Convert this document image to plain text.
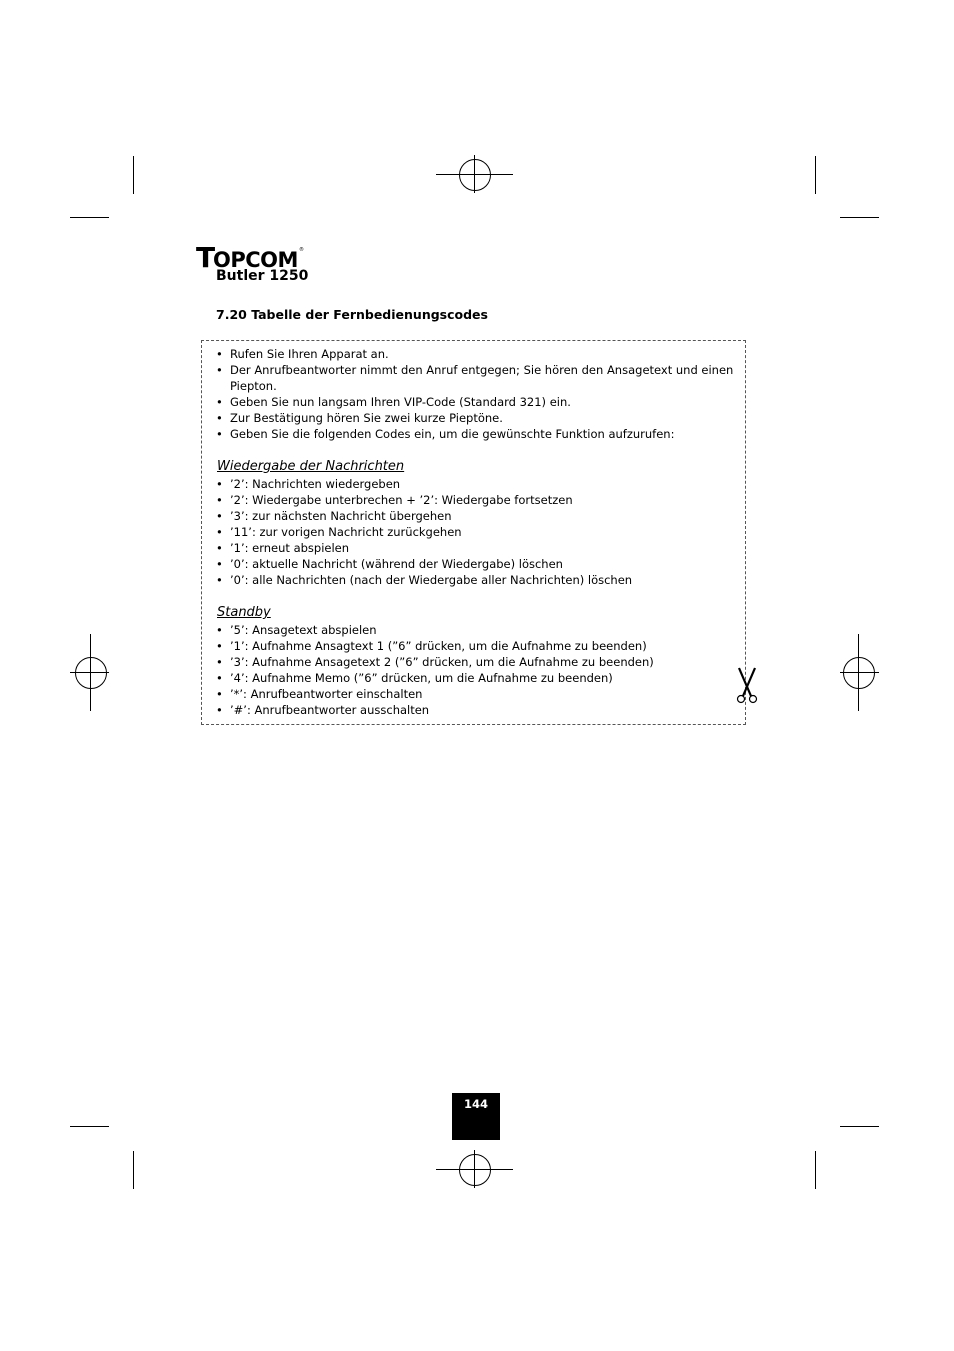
T
OPCOM ®
Butler 1250
7.20 Tabelle der Fernbedienungscodes
• Rufen Sie Ihren Apparat an.
• Der Anrufbeantworter nimmt den Anruf entgegen; Sie hören den Ansagetext und einen Piepton.
• Geben Sie nun langsam Ihren VIP-Code (Standard 321) ein.
• Zur Bestätigung hören Sie zwei kurze Pieptöne.
• Geben Sie die folgenden Codes ein, um die gewünschte Funktion aufzurufen:
Wiedergabe der Nachrichten
• ’2’: Nachrichten wiedergeben
• ’2’: Wiedergabe unterbrechen + ’2’: Wiedergabe fortsetzen
• ’3’: zur nächsten Nachricht übergehen
• ’11’: zur vorigen Nachricht zurückgehen
• ’1’: erneut abspielen
• ’0’: aktuelle Nachricht (während der Wiedergabe) löschen
• ’0’: alle Nachrichten (nach der Wiedergabe aller Nachrichten) löschen
Standby
• ’5’: Ansagetext abspielen
• ’1’: Aufnahme Ansagtext 1 (”6” drücken, um die Aufnahme zu beenden)
• ’3’: Aufnahme Ansagetext 2 (”6” drücken, um die Aufnahme zu beenden)
• ’4’: Aufnahme Memo (”6” drücken, um die Aufnahme zu beenden)
• ’*’: Anrufbeantworter einschalten
• ’#’: Anrufbeantworter ausschalten
144
